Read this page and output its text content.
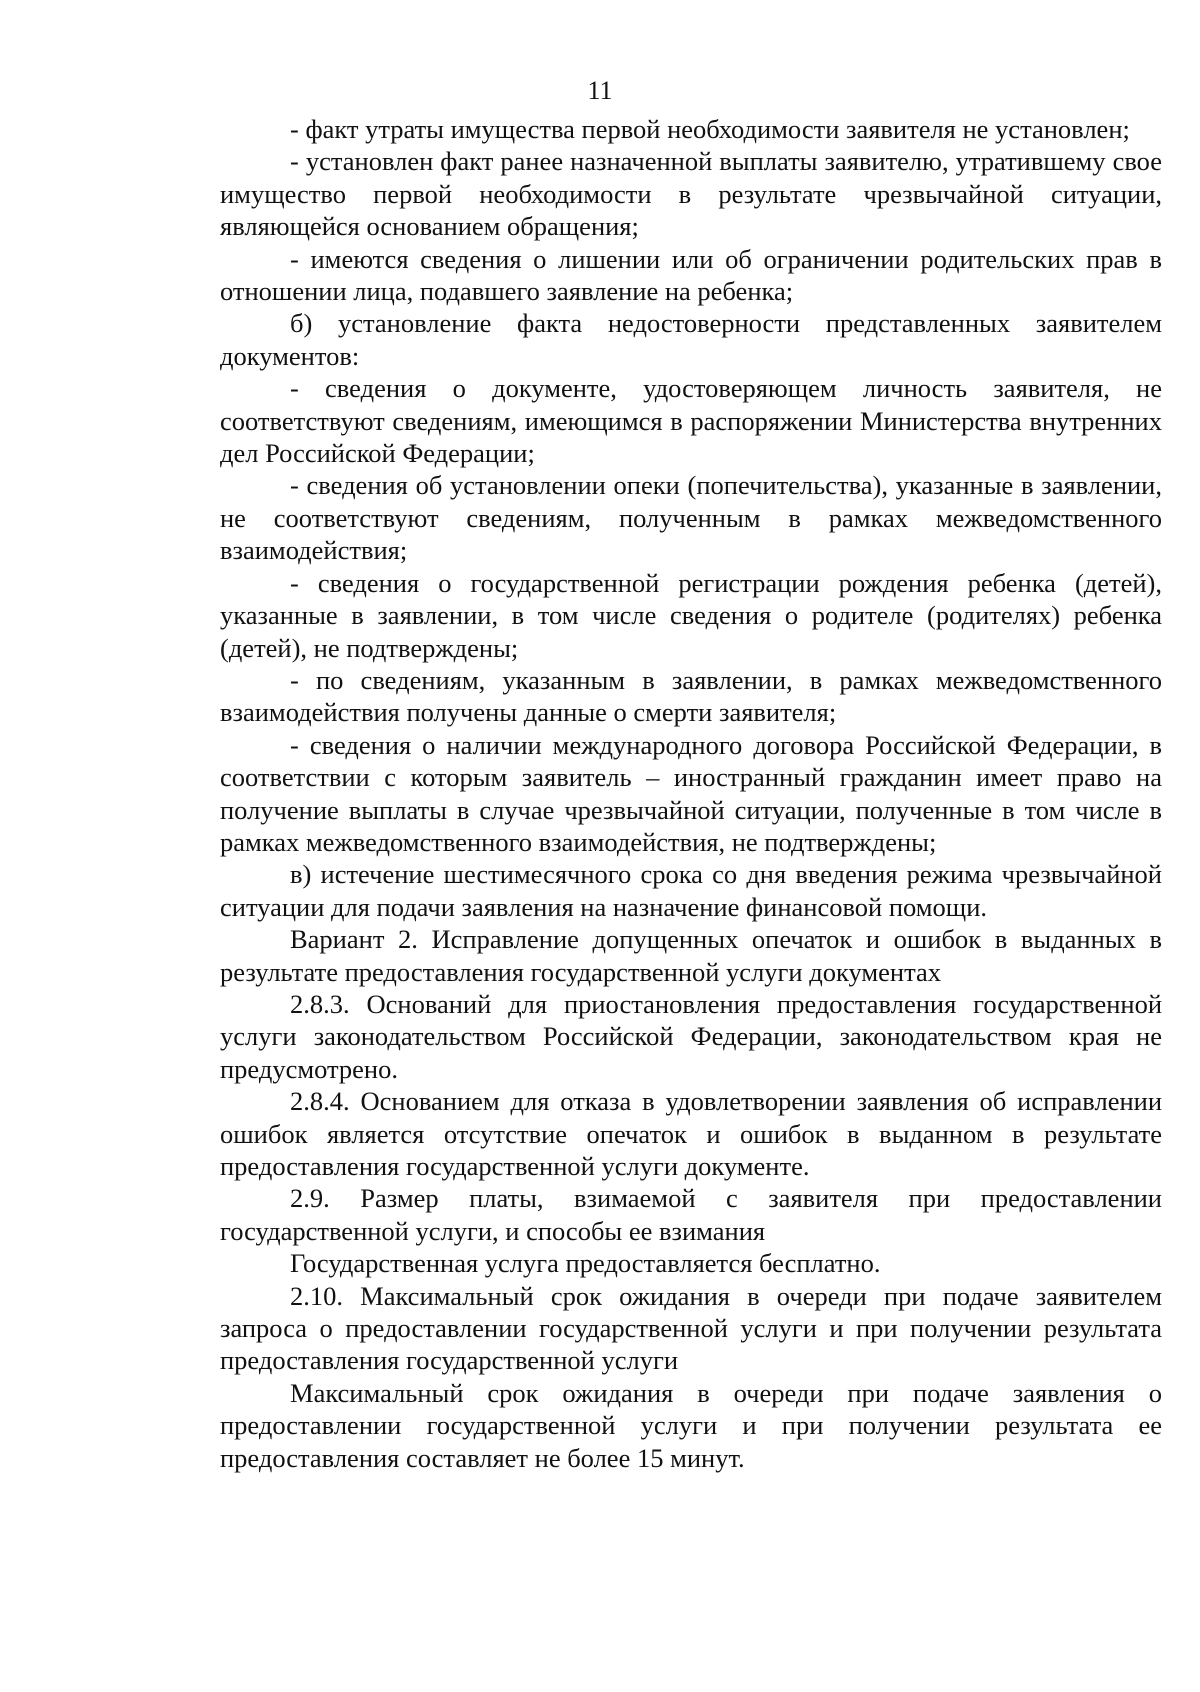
11

- факт утраты имущества первой необходимости заявителя не установлен;

- установлен факт ранее назначенной выплаты заявителю, утратившему свое имущество первой необходимости в результате чрезвычайной ситуации, являющейся основанием обращения;

- имеются сведения о лишении или об ограничении родительских прав в отношении лица, подавшего заявление на ребенка;

б) установление факта недостоверности представленных заявителем документов:

- сведения о документе, удостоверяющем личность заявителя, не соответствуют сведениям, имеющимся в распоряжении Министерства внутренних дел Российской Федерации;

- сведения об установлении опеки (попечительства), указанные в заявлении, не соответствуют сведениям, полученным в рамках межведомственного взаимодействия;

- сведения о государственной регистрации рождения ребенка (детей), указанные в заявлении, в том числе сведения о родителе (родителях) ребенка (детей), не подтверждены;

- по сведениям, указанным в заявлении, в рамках межведомственного взаимодействия получены данные о смерти заявителя;

- сведения о наличии международного договора Российской Федерации, в соответствии с которым заявитель – иностранный гражданин имеет право на получение выплаты в случае чрезвычайной ситуации, полученные в том числе в рамках межведомственного взаимодействия, не подтверждены;

в) истечение шестимесячного срока со дня введения режима чрезвычайной ситуации для подачи заявления на назначение финансовой помощи.

Вариант 2. Исправление допущенных опечаток и ошибок в выданных в результате предоставления государственной услуги документах

2.8.3. Оснований для приостановления предоставления государственной услуги законодательством Российской Федерации, законодательством края не предусмотрено.

2.8.4. Основанием для отказа в удовлетворении заявления об исправлении ошибок является отсутствие опечаток и ошибок в выданном в результате предоставления государственной услуги документе.

2.9. Размер платы, взимаемой с заявителя при предоставлении государственной услуги, и способы ее взимания

Государственная услуга предоставляется бесплатно.

2.10. Максимальный срок ожидания в очереди при подаче заявителем запроса о предоставлении государственной услуги и при получении результата предоставления государственной услуги

Максимальный срок ожидания в очереди при подаче заявления о предоставлении государственной услуги и при получении результата ее предоставления составляет не более 15 минут.
